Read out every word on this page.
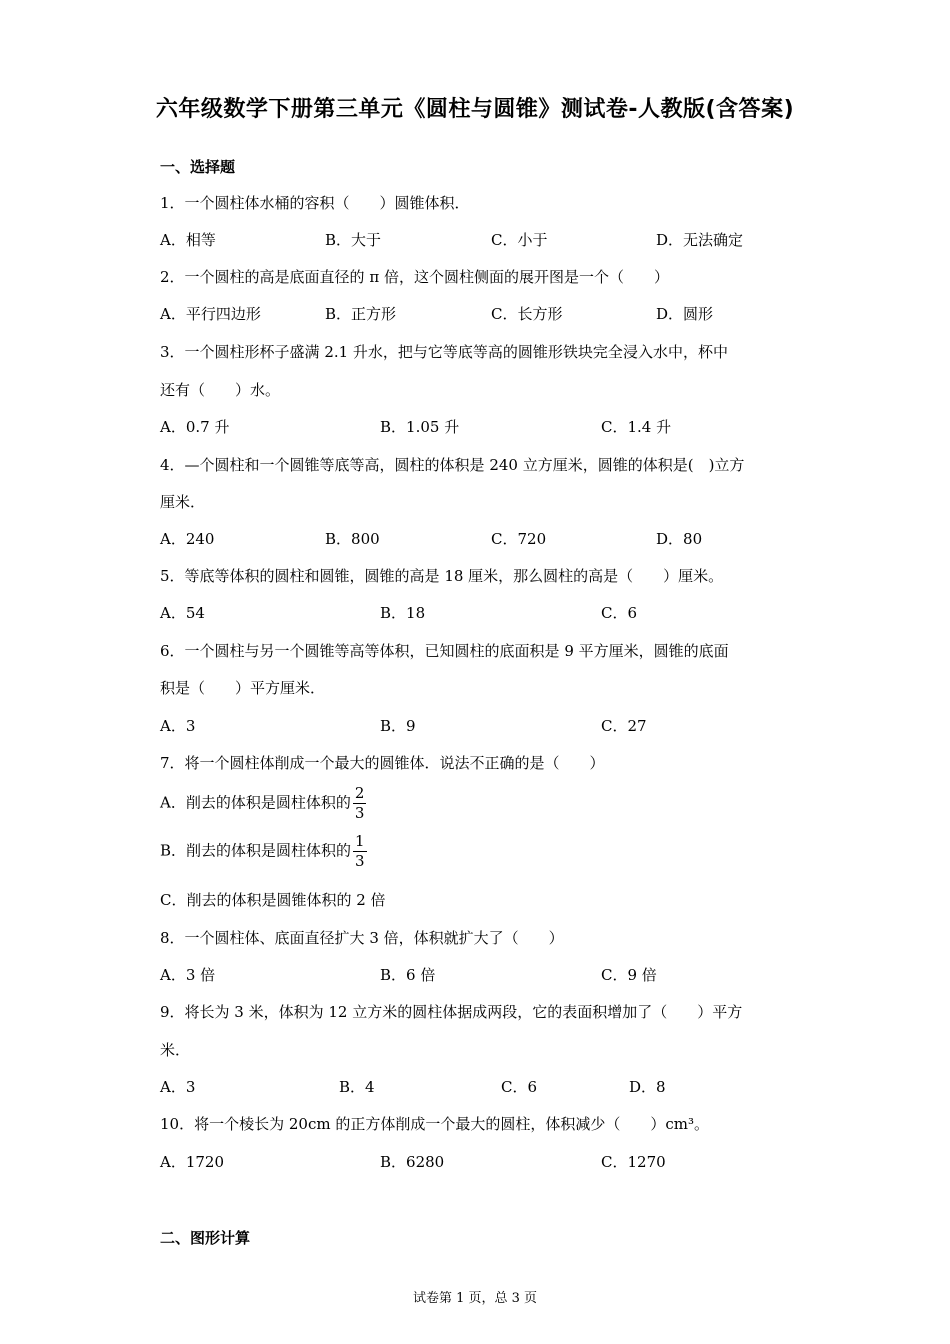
六年级数学下册第三单元《圆柱与圆锥》测试卷-人教版(含答案)
一、选择题
1．一个圆柱体水桶的容积（　　）圆锥体积．
A．相等	B．大于	C．小于	D．无法确定
2．一个圆柱的高是底面直径的 π 倍，这个圆柱侧面的展开图是一个（　　）
A．平行四边形	B．正方形	C．长方形	D．圆形
3．一个圆柱形杯子盛满 2.1 升水，把与它等底等高的圆锥形铁块完全浸入水中，杯中
还有（　　）水。
A．0.7 升	B．1.05 升	C．1.4 升
4．—个圆柱和一个圆锥等底等高，圆柱的体积是 240 立方厘米，圆锥的体积是(　)立方
厘米．
A．240	B．800	C．720	D．80
5．等底等体积的圆柱和圆锥，圆锥的高是 18 厘米，那么圆柱的高是（　　）厘米。
A．54	B．18	C．6
6．一个圆柱与另一个圆锥等高等体积，已知圆柱的底面积是 9 平方厘米，圆锥的底面
积是（　　）平方厘米．
A．3	B．9	C．27
7．将一个圆柱体削成一个最大的圆锥体．说法不正确的是（　　）
A．削去的体积是圆柱体积的 $\frac{2}{3}$
B．削去的体积是圆柱体积的 $\frac{1}{3}$
C．削去的体积是圆锥体积的 2 倍
8．一个圆柱体、底面直径扩大 3 倍，体积就扩大了（　　）
A．3 倍	B．6 倍	C．9 倍
9．将长为 3 米，体积为 12 立方米的圆柱体据成两段，它的表面积增加了（　　）平方
米．
A．3	B．4	C．6	D．8
10．将一个棱长为 20cm 的正方体削成一个最大的圆柱，体积减少（　　）cm³。
A．1720	B．6280	C．1270
二、图形计算
试卷第 1 页，总 3 页
